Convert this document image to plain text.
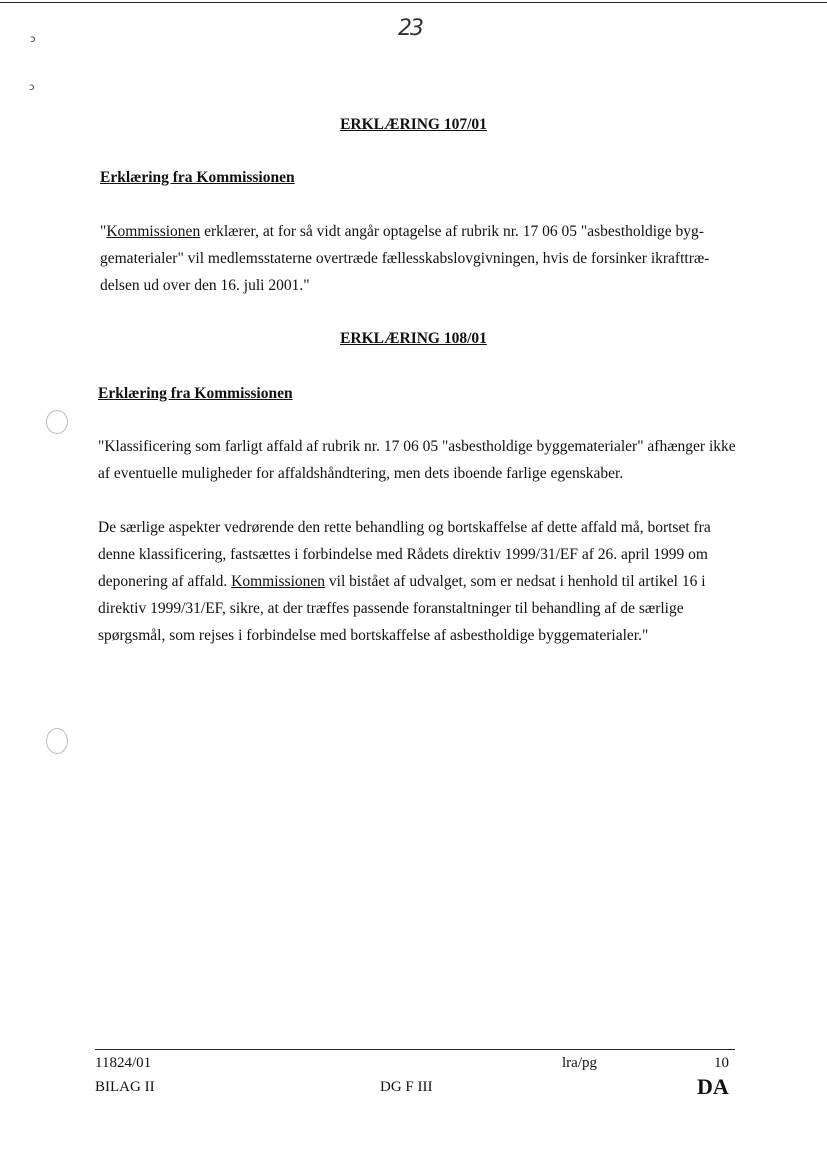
23
ↄ
ɔ
ERKLÆRING 107/01
Erklæring fra Kommissionen

"Kommissionen erklærer, at for så vidt angår optagelse af rubrik nr. 17 06 05 "asbestholdige byg-gematerialer" vil medlemsstaterne overtræde fællesskabslovgivningen, hvis de forsinker ikrafttræ-delsen ud over den 16. juli 2001."

ERKLÆRING 108/01
Erklæring fra Kommissionen

"Klassificering som farligt affald af rubrik nr. 17 06 05 "asbestholdige byggematerialer" afhænger ikke af eventuelle muligheder for affaldshåndtering, men dets iboende farlige egenskaber.

De særlige aspekter vedrørende den rette behandling og bortskaffelse af dette affald må, bortset fra denne klassificering, fastsættes i forbindelse med Rådets direktiv 1999/31/EF af 26. april 1999 om deponering af affald. Kommissionen vil bistået af udvalget, som er nedsat i henhold til artikel 16 i direktiv 1999/31/EF, sikre, at der træffes passende foranstaltninger til behandling af de særlige spørgsmål, som rejses i forbindelse med bortskaffelse af asbestholdige byggematerialer."

11824/01
BILAG II	DG F III
lra/pg	10
DA
